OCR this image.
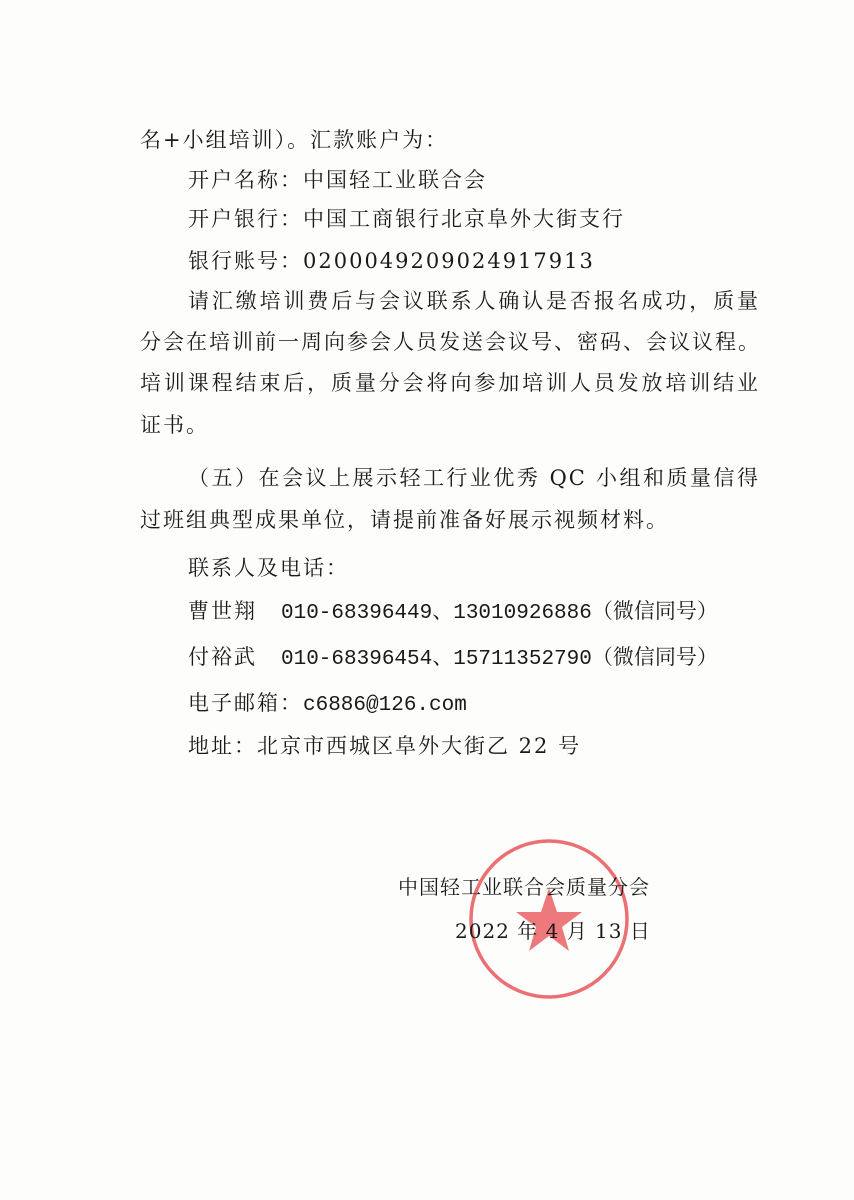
名+小组培训）。汇款账户为：
开户名称：中国轻工业联合会
开户银行：中国工商银行北京阜外大街支行
银行账号：0200049209024917913
请汇缴培训费后与会议联系人确认是否报名成功，质量
分会在培训前一周向参会人员发送会议号、密码、会议议程。
培训课程结束后，质量分会将向参加培训人员发放培训结业
证书。
（五）在会议上展示轻工行业优秀 QC 小组和质量信得
过班组典型成果单位，请提前准备好展示视频材料。
联系人及电话：
曹世翔 010-68396449、13010926886（微信同号）
付裕武 010-68396454、15711352790（微信同号）
电子邮箱：c6886@126.com
地址：北京市西城区阜外大街乙 22 号
中国轻工业联合会质量分会
2022 年 4 月 13 日
